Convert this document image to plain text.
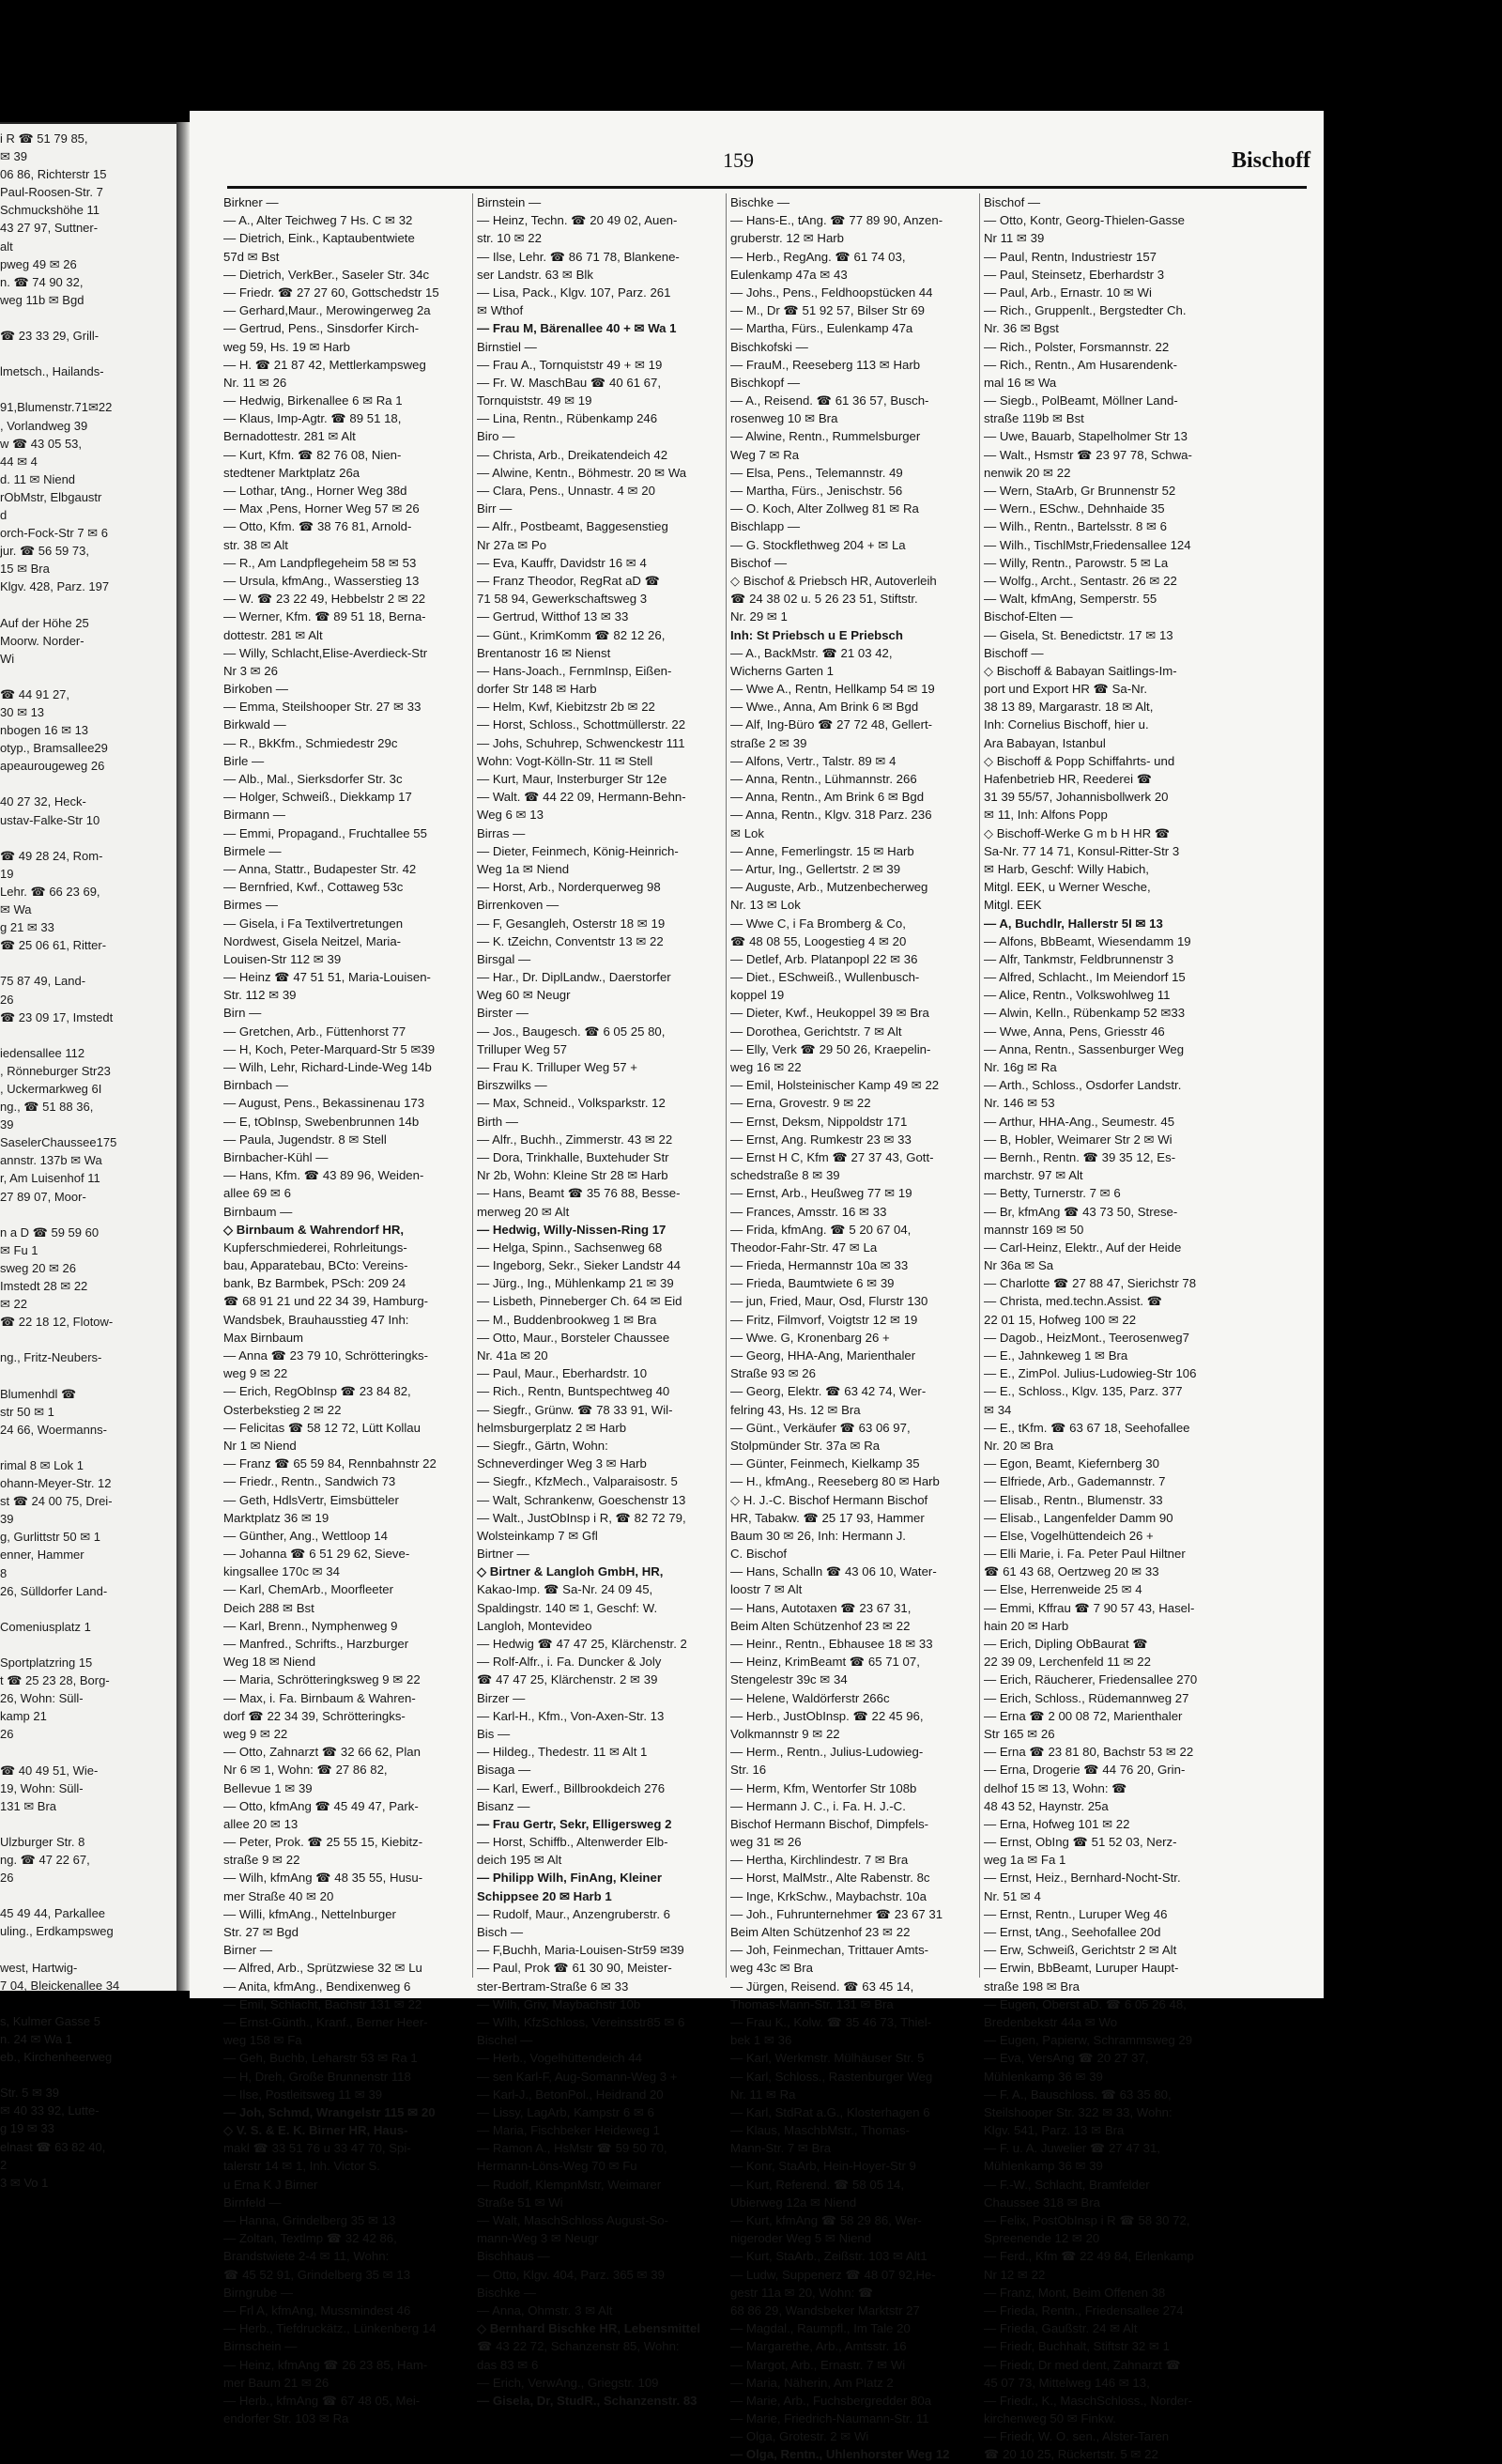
i R ☎ 51 79 85,
✉ 39
06 86, Richterstr 15
Paul-Roosen-Str. 7
Schmuckshöhe 11
43 27 97, Suttner-
alt
pweg 49 ✉ 26
n. ☎ 74 90 32,
weg 11b ✉ Bgd
☎ 23 33 29, Grill-
lmetsch., Hailands-
91,Blumenstr.71✉22
, Vorlandweg 39
w ☎ 43 05 53,
44 ✉ 4
d. 11 ✉ Niend
rObMstr, Elbgaustr
d
orch-Fock-Str 7 ✉ 6
jur. ☎ 56 59 73,
15 ✉ Bra
Klgv. 428, Parz. 197
Auf der Höhe 25
Moorw. Norder-
Wi
☎ 44 91 27,
30 ✉ 13
nbogen 16 ✉ 13
otyp., Bramsallee29
apeaurougeweg 26
40 27 32, Heck-
ustav-Falke-Str 10
☎ 49 28 24, Rom-
19
Lehr. ☎ 66 23 69,
✉ Wa
g 21 ✉ 33
☎ 25 06 61, Ritter-
75 87 49, Land-
26
☎ 23 09 17, Imstedt
iedensallee 112
, Rönneburger Str23
, Uckermarkweg 6I
ng., ☎ 51 88 36,
39
SaselerChaussee175
annstr. 137b ✉ Wa
r, Am Luisenhof 11
27 89 07, Moor-
n a D ☎ 59 59 60
✉ Fu 1
sweg 20 ✉ 26
Imstedt 28 ✉ 22
✉ 22
☎ 22 18 12, Flotow-
ng., Fritz-Neubers-
Blumenhdl ☎
str 50 ✉ 1
24 66, Woermanns-
rimal 8 ✉ Lok 1
ohann-Meyer-Str. 12
st ☎ 24 00 75, Drei-
39
g, Gurlittstr 50 ✉ 1
enner, Hammer
8
26, Sülldorfer Land-
Comeniusplatz 1
Sportplatzring 15
t ☎ 25 23 28, Borg-
26, Wohn: Süll-
kamp 21
26
☎ 40 49 51, Wie-
19, Wohn: Süll-
131 ✉ Bra
Ulzburger Str. 8
ng. ☎ 47 22 67,
26
45 49 44, Parkallee
uling., Erdkampsweg
west, Hartwig-
7 04, Bleickenallee 34
s, Kulmer Gasse 5
n. 24 ✉ Wa 1
eb., Kirchenheerweg
Str. 5 ✉ 39
✉ 40 33 92, Lutte-
g 19 ✉ 33
elnast ☎ 63 82 40,
2
3 ✉ Vo 1
159	Bischoff
Birkner —
— A., Alter Teichweg 7 Hs. C ✉ 32
— Dietrich, Eink., Kaptaubentwiete
57d ✉ Bst
— Dietrich, VerkBer., Saseler Str. 34c
— Friedr. ☎ 27 27 60, Gottschedstr 15
— Gerhard,Maur., Merowingerweg 2a
— Gertrud, Pens., Sinsdorfer Kirch-
weg 59, Hs. 19 ✉ Harb
— H. ☎ 21 87 42, Mettlerkampsweg
Nr. 11 ✉ 26
— Hedwig, Birkenallee 6 ✉ Ra 1
— Klaus, Imp-Agtr. ☎ 89 51 18,
Bernadottestr. 281 ✉ Alt
— Kurt, Kfm. ☎ 82 76 08, Nien-
stedtener Marktplatz 26a
— Lothar, tAng., Horner Weg 38d
— Max ,Pens, Horner Weg 57 ✉ 26
— Otto, Kfm. ☎ 38 76 81, Arnold-
str. 38 ✉ Alt
— R., Am Landpflegeheim 58 ✉ 53
— Ursula, kfmAng., Wasserstieg 13
— W. ☎ 23 22 49, Hebbelstr 2 ✉ 22
— Werner, Kfm. ☎ 89 51 18, Berna-
dottestr. 281 ✉ Alt
— Willy, Schlacht,Elise-Averdieck-Str
Nr 3 ✉ 26
Birkoben —
— Emma, Steilshooper Str. 27 ✉ 33
Birkwald —
— R., BkKfm., Schmiedestr 29c
Birle —
— Alb., Mal., Sierksdorfer Str. 3c
— Holger, Schweiß., Diekkamp 17
Birmann —
— Emmi, Propagand., Fruchtallee 55
Birmele —
— Anna, Stattr., Budapester Str. 42
— Bernfried, Kwf., Cottaweg 53c
Birmes —
— Gisela, i Fa Textilvertretungen
Nordwest, Gisela Neitzel, Maria-
Louisen-Str 112 ✉ 39
— Heinz ☎ 47 51 51, Maria-Louisen-
Str. 112 ✉ 39
Birn —
— Gretchen, Arb., Füttenhorst 77
— H, Koch, Peter-Marquard-Str 5 ✉39
— Wilh, Lehr, Richard-Linde-Weg 14b
Birnbach —
— August, Pens., Bekassinenau 173
— E, tObInsp, Swebenbrunnen 14b
— Paula, Jugendstr. 8 ✉ Stell
Birnbacher-Kühl —
— Hans, Kfm. ☎ 43 89 96, Weiden-
allee 69 ✉ 6
Birnbaum —
◇ Birnbaum & Wahrendorf HR,
Kupferschmiederei, Rohrleitungs-
bau, Apparatebau, BCto: Vereins-
bank, Bz Barmbek, PSch: 209 24
☎ 68 91 21 und 22 34 39, Hamburg-
Wandsbek, Brauhausstieg 47 Inh:
Max Birnbaum
— Anna ☎ 23 79 10, Schrötteringks-
weg 9 ✉ 22
— Erich, RegObInsp ☎ 23 84 82,
Osterbekstieg 2 ✉ 22
— Felicitas ☎ 58 12 72, Lütt Kollau
Nr 1 ✉ Niend
— Franz ☎ 65 59 84, Rennbahnstr 22
— Friedr., Rentn., Sandwich 73
— Geth, HdlsVertr, Eimsbütteler
Marktplatz 36 ✉ 19
— Günther, Ang., Wettloop 14
— Johanna ☎ 6 51 29 62, Sieve-
kingsallee 170c ✉ 34
— Karl, ChemArb., Moorfleeter
Deich 288 ✉ Bst
— Karl, Brenn., Nymphenweg 9
— Manfred., Schrifts., Harzburger
Weg 18 ✉ Niend
— Maria, Schrötteringksweg 9 ✉ 22
— Max, i. Fa. Birnbaum & Wahren-
dorf ☎ 22 34 39, Schrötteringks-
weg 9 ✉ 22
— Otto, Zahnarzt ☎ 32 66 62, Plan
Nr 6 ✉ 1, Wohn: ☎ 27 86 82,
Bellevue 1 ✉ 39
— Otto, kfmAng ☎ 45 49 47, Park-
allee 20 ✉ 13
— Peter, Prok. ☎ 25 55 15, Kiebitz-
straße 9 ✉ 22
— Wilh, kfmAng ☎ 48 35 55, Husu-
mer Straße 40 ✉ 20
— Willi, kfmAng., Nettelnburger
Str. 27 ✉ Bgd
Birner —
— Alfred, Arb., Sprützwiese 32 ✉ Lu
— Anita, kfmAng., Bendixenweg 6
— Emil, Schlacht, Bachstr 131 ✉ 22
— Ernst-Günth., Kranf., Berner Heer-
weg 158 ✉ Fa
— Geh, Buchb, Leharstr 53 ✉ Ra 1
— H, Dreh, Große Brunnenstr 118
— Ilse, Postleitsweg 11 ✉ 39
— Joh, Schmd, Wrangelstr 115 ✉ 20
◇ V. S. & E. K. Birner HR, Haus-
makl ☎ 33 51 76 u 33 47 70, Spi-
talerstr 14 ✉ 1, Inh. Victor S.
u Erna K J Birner
Birnfeld —
— Hanna, Grindelberg 35 ✉ 13
— Zoltan, Textlmp ☎ 32 42 86,
Brandstwiete 2-4 ✉ 11, Wohn:
☎ 45 52 91, Grindelberg 35 ✉ 13
Birngrube —
— Frl A, kfmAng, Mussmindest 46
— Herb., Tiefdruckätz., Lünkenberg 14
Birnschein —
— Heinz, kfmAng ☎ 26 23 85, Ham-
mer Baum 21 ✉ 26
— Herb., kfmAng ☎ 67 48 05, Mei-
endorfer Str. 103 ✉ Ra
Birnstein —
— Heinz, Techn. ☎ 20 49 02, Auen-
str. 10 ✉ 22
— Ilse, Lehr. ☎ 86 71 78, Blankene-
ser Landstr. 63 ✉ Blk
— Lisa, Pack., Klgv. 107, Parz. 261
✉ Wthof
— Frau M, Bärenallee 40 + ✉ Wa 1
Birnstiel —
— Frau A., Tornquiststr 49 + ✉ 19
— Fr. W. MaschBau ☎ 40 61 67,
Tornquiststr. 49 ✉ 19
— Lina, Rentn., Rübenkamp 246
Biro —
— Christa, Arb., Dreikatendeich 42
— Alwine, Kentn., Böhmestr. 20 ✉ Wa
— Clara, Pens., Unnastr. 4 ✉ 20
Birr —
— Alfr., Postbeamt, Baggesenstieg
Nr 27a ✉ Po
— Eva, Kauffr, Davidstr 16 ✉ 4
— Franz Theodor, RegRat aD ☎
71 58 94, Gewerkschaftsweg 3
— Gertrud, Witthof 13 ✉ 33
— Günt., KrimKomm ☎ 82 12 26,
Brentanostr 16 ✉ Nienst
— Hans-Joach., FernmInsp, Eißen-
dorfer Str 148 ✉ Harb
— Helm, Kwf, Kiebitzstr 2b ✉ 22
— Horst, Schloss., Schottmüllerstr. 22
— Johs, Schuhrep, Schwenckestr 111
Wohn: Vogt-Kölln-Str. 11 ✉ Stell
— Kurt, Maur, Insterburger Str 12e
— Walt. ☎ 44 22 09, Hermann-Behn-
Weg 6 ✉ 13
Birras —
— Dieter, Feinmech, König-Heinrich-
Weg 1a ✉ Niend
— Horst, Arb., Norderquerweg 98
Birrenkoven —
— F, Gesangleh, Osterstr 18 ✉ 19
— K. tZeichn, Conventstr 13 ✉ 22
Birsgal —
— Har., Dr. DiplLandw., Daerstorfer
Weg 60 ✉ Neugr
Birster —
— Jos., Baugesch. ☎ 6 05 25 80,
Trilluper Weg 57
— Frau K. Trilluper Weg 57 +
Birszwilks —
— Max, Schneid., Volksparkstr. 12
Birth —
— Alfr., Buchh., Zimmerstr. 43 ✉ 22
— Dora, Trinkhalle, Buxtehuder Str
Nr 2b, Wohn: Kleine Str 28 ✉ Harb
— Hans, Beamt ☎ 35 76 88, Besse-
merweg 20 ✉ Alt
— Hedwig, Willy-Nissen-Ring 17
— Helga, Spinn., Sachsenweg 68
— Ingeborg, Sekr., Sieker Landstr 44
— Jürg., Ing., Mühlenkamp 21 ✉ 39
— Lisbeth, Pinneberger Ch. 64 ✉ Eid
— M., Buddenbrookweg 1 ✉ Bra
— Otto, Maur., Borsteler Chaussee
Nr. 41a ✉ 20
— Paul, Maur., Eberhardstr. 10
— Rich., Rentn, Buntspechtweg 40
— Siegfr., Grünw. ☎ 78 33 91, Wil-
helmsburgerplatz 2 ✉ Harb
— Siegfr., Gärtn, Wohn:
Schneverdinger Weg 3 ✉ Harb
— Siegfr., KfzMech., Valparaisostr. 5
— Walt, Schrankenw, Goeschenstr 13
— Walt., JustObInsp i R, ☎ 82 72 79,
Wolsteinkamp 7 ✉ Gfl
Birtner —
◇ Birtner & Langloh GmbH, HR,
Kakao-Imp. ☎ Sa-Nr. 24 09 45,
Spaldingstr. 140 ✉ 1, Geschf: W.
Langloh, Montevideo
— Hedwig ☎ 47 47 25, Klärchenstr. 2
— Rolf-Alfr., i. Fa. Duncker & Joly
☎ 47 47 25, Klärchenstr. 2 ✉ 39
Birzer —
— Karl-H., Kfm., Von-Axen-Str. 13
Bis —
— Hildeg., Thedestr. 11 ✉ Alt 1
Bisaga —
— Karl, Ewerf., Billbrookdeich 276
Bisanz —
— Frau Gertr, Sekr, Elligersweg 2
— Horst, Schiffb., Altenwerder Elb-
deich 195 ✉ Alt
— Philipp Wilh, FinAng, Kleiner
Schippsee 20 ✉ Harb 1
— Rudolf, Maur., Anzengruberstr. 6
Bisch —
— F,Buchh, Maria-Louisen-Str59 ✉39
— Paul, Prok ☎ 61 30 90, Meister-
ster-Bertram-Straße 6 ✉ 33
— Wilh, Griv, Maybachstr 10b
— Wilh, KfzSchloss, Vereinsstr85 ✉ 6
Bischel —
— Herb., Vogelhüttendeich 44
— sen Karl-F, Aug-Somann-Weg 3 +
— Karl-J., BetonPol., Heidrand 20
— Lissy, LagArb, Kampstr 6 ✉ 6
— Maria, Fischbeker Heideweg 1
— Ramon A., HsMstr ☎ 59 50 70,
Hermann-Löns-Weg 70 ✉ Fu
— Rudolf, KlempnMstr, Weimarer
Straße 51 ✉ Wi
— Walt, MaschSchloss August-So-
mann-Weg 3 ✉ Neugr
Bischhaus —
— Otto, Klgv. 404, Parz. 365 ✉ 39
Bischke —
— Anna, Ohmstr. 3 ✉ Alt
◇ Bernhard Bischke HR, Lebensmittel
☎ 43 22 72, Schanzenstr 85, Wohn:
das 83 ✉ 6
— Erich, VerwAng., Griegstr. 109
— Gisela, Dr, StudR., Schanzenstr. 83
Bischke —
— Hans-E., tAng. ☎ 77 89 90, Anzen-
gruberstr. 12 ✉ Harb
— Herb., RegAng. ☎ 61 74 03,
Eulenkamp 47a ✉ 43
— Johs., Pens., Feldhoopstücken 44
— M., Dr ☎ 51 92 57, Bilser Str 69
— Martha, Fürs., Eulenkamp 47a
Bischkofski —
— FrauM., Reeseberg 113 ✉ Harb
Bischkopf —
— A., Reisend. ☎ 61 36 57, Busch-
rosenweg 10 ✉ Bra
— Alwine, Rentn., Rummelsburger
Weg 7 ✉ Ra
— Elsa, Pens., Telemannstr. 49
— Martha, Fürs., Jenischstr. 56
— O. Koch, Alter Zollweg 81 ✉ Ra
Bischlapp —
— G. Stockflethweg 204 + ✉ La
Bischof —
◇ Bischof & Priebsch HR, Autoverleih
☎ 24 38 02 u. 5 26 23 51, Stiftstr.
Nr. 29 ✉ 1
Inh: St Priebsch u E Priebsch
— A., BackMstr. ☎ 21 03 42,
Wicherns Garten 1
— Wwe A., Rentn, Hellkamp 54 ✉ 19
— Wwe., Anna, Am Brink 6 ✉ Bgd
— Alf, Ing-Büro ☎ 27 72 48, Gellert-
straße 2 ✉ 39
— Alfons, Vertr., Talstr. 89 ✉ 4
— Anna, Rentn., Lühmannstr. 266
— Anna, Rentn., Am Brink 6 ✉ Bgd
— Anna, Rentn., Klgv. 318 Parz. 236
✉ Lok
— Anne, Femerlingstr. 15 ✉ Harb
— Artur, Ing., Gellertstr. 2 ✉ 39
— Auguste, Arb., Mutzenbecherweg
Nr. 13 ✉ Lok
— Wwe C, i Fa Bromberg & Co,
☎ 48 08 55, Loogestieg 4 ✉ 20
— Detlef, Arb. Platanpopl 22 ✉ 36
— Diet., ESchweiß., Wullenbusch-
koppel 19
— Dieter, Kwf., Heukoppel 39 ✉ Bra
— Dorothea, Gerichtstr. 7 ✉ Alt
— Elly, Verk ☎ 29 50 26, Kraepelin-
weg 16 ✉ 22
— Emil, Holsteinischer Kamp 49 ✉ 22
— Erna, Grovestr. 9 ✉ 22
— Ernst, Deksm, Nippoldstr 171
— Ernst, Ang. Rumkestr 23 ✉ 33
— Ernst H C, Kfm ☎ 27 37 43, Gott-
schedstraße 8 ✉ 39
— Ernst, Arb., Heußweg 77 ✉ 19
— Frances, Amsstr. 16 ✉ 33
— Frida, kfmAng. ☎ 5 20 67 04,
Theodor-Fahr-Str. 47 ✉ La
— Frieda, Hermannstr 10a ✉ 33
— Frieda, Baumtwiete 6 ✉ 39
— jun, Fried, Maur, Osd, Flurstr 130
— Fritz, Filmvorf, Voigtstr 12 ✉ 19
— Wwe. G, Kronenbarg 26 +
— Georg, HHA-Ang, Marienthaler
Straße 93 ✉ 26
— Georg, Elektr. ☎ 63 42 74, Wer-
felring 43, Hs. 12 ✉ Bra
— Günt., Verkäufer ☎ 63 06 97,
Stolpmünder Str. 37a ✉ Ra
— Günter, Feinmech, Kielkamp 35
— H., kfmAng., Reeseberg 80 ✉ Harb
◇ H. J.-C. Bischof Hermann Bischof
HR, Tabakw. ☎ 25 17 93, Hammer
Baum 30 ✉ 26, Inh: Hermann J.
C. Bischof
— Hans, Schalln ☎ 43 06 10, Water-
loostr 7 ✉ Alt
— Hans, Autotaxen ☎ 23 67 31,
Beim Alten Schützenhof 23 ✉ 22
— Heinr., Rentn., Ebhausee 18 ✉ 33
— Heinz, KrimBeamt ☎ 65 71 07,
Stengelestr 39c ✉ 34
— Helene, Waldörferstr 266c
— Herb., JustObInsp. ☎ 22 45 96,
Volkmannstr 9 ✉ 22
— Herm., Rentn., Julius-Ludowieg-
Str. 16
— Herm, Kfm, Wentorfer Str 108b
— Hermann J. C., i. Fa. H. J.-C.
Bischof Hermann Bischof, Dimpfels-
weg 31 ✉ 26
— Hertha, Kirchlindestr. 7 ✉ Bra
— Horst, MalMstr., Alte Rabenstr. 8c
— Inge, KrkSchw., Maybachstr. 10a
— Joh., Fuhrunternehmer ☎ 23 67 31
Beim Alten Schützenhof 23 ✉ 22
— Joh, Feinmechan, Trittauer Amts-
weg 43c ✉ Bra
— Jürgen, Reisend. ☎ 63 45 14,
Thomas-Mann-Str. 131 ✉ Bra
— Frau K., Kolw. ☎ 35 46 73, Thiel-
bek 1 ✉ 36
— Karl, Werkmstr. Mülhäuser Str. 5
— Karl, Schloss., Rastenburger Weg
Nr. 11 ✉ Ra
— Karl, StdRat a.G., Klosterhagen 6
— Klaus, MaschbMstr., Thomas-
Mann-Str. 7 ✉ Bra
— Konr, StaArb, Hein-Hoyer-Str 9
— Kurt, Referend. ☎ 58 05 14,
Ubierweg 12a ✉ Niend
— Kurt, kfmAng ☎ 58 29 86, Wer-
nigeroder Weg 5 ✉ Niend
— Kurt, StaArb., Zeißstr. 103 ✉ Alt1
— Ludw, Suppenerz ☎ 48 07 92,He-
gestr 11a ✉ 20, Wohn: ☎
68 86 29, Wandsbeker Marktstr 27
— Magdal., Raumpfl., Im Tale 20
— Margarethe, Arb., Amtsstr. 16
— Margot, Arb., Ernastr. 7 ✉ Wi
— Maria, Näherin, Am Platz 2
— Marie, Arb., Fuchsbergredder 80a
— Marie, Friedrich-Naumann-Str. 11
— Olga, Grotestr. 2 ✉ Wi
— Olga, Rentn., Uhlenhorster Weg 12
Bischof —
— Otto, Kontr, Georg-Thielen-Gasse
Nr 11 ✉ 39
— Paul, Rentn, Industriestr 157
— Paul, Steinsetz, Eberhardstr 3
— Paul, Arb., Ernastr. 10 ✉ Wi
— Rich., Gruppenlt., Bergstedter Ch.
Nr. 36 ✉ Bgst
— Rich., Polster, Forsmannstr. 22
— Rich., Rentn., Am Husarendenk-
mal 16 ✉ Wa
— Siegb., PolBeamt, Möllner Land-
straße 119b ✉ Bst
— Uwe, Bauarb, Stapelholmer Str 13
— Walt., Hsmstr ☎ 23 97 78, Schwa-
nenwik 20 ✉ 22
— Wern, StaArb, Gr Brunnenstr 52
— Wern., ESchw., Dehnhaide 35
— Wilh., Rentn., Bartelsstr. 8 ✉ 6
— Wilh., TischlMstr,Friedensallee 124
— Willy, Rentn., Parowstr. 5 ✉ La
— Wolfg., Archt., Sentastr. 26 ✉ 22
— Walt, kfmAng, Semperstr. 55
Bischof-Elten —
— Gisela, St. Benedictstr. 17 ✉ 13
Bischoff —
◇ Bischoff & Babayan Saitlings-Im-
port und Export HR ☎ Sa-Nr.
38 13 89, Margarastr. 18 ✉ Alt,
Inh: Cornelius Bischoff, hier u.
Ara Babayan, Istanbul
◇ Bischoff & Popp Schiffahrts- und
Hafenbetrieb HR, Reederei ☎
31 39 55/57, Johannisbollwerk 20
✉ 11, Inh: Alfons Popp
◇ Bischoff-Werke G m b H HR ☎
Sa-Nr. 77 14 71, Konsul-Ritter-Str 3
✉ Harb, Geschf: Willy Habich,
Mitgl. EEK, u Werner Wesche,
Mitgl. EEK
— A, Buchdlr, Hallerstr 5I ✉ 13
— Alfons, BbBeamt, Wiesendamm 19
— Alfr, Tankmstr, Feldbrunnenstr 3
— Alfred, Schlacht., Im Meiendorf 15
— Alice, Rentn., Volkswohlweg 11
— Alwin, Kelln., Rübenkamp 52 ✉33
— Wwe, Anna, Pens, Griesstr 46
— Anna, Rentn., Sassenburger Weg
Nr. 16g ✉ Ra
— Arth., Schloss., Osdorfer Landstr.
Nr. 146 ✉ 53
— Arthur, HHA-Ang., Seumestr. 45
— B, Hobler, Weimarer Str 2 ✉ Wi
— Bernh., Rentn. ☎ 39 35 12, Es-
marchstr. 97 ✉ Alt
— Betty, Turnerstr. 7 ✉ 6
— Br, kfmAng ☎ 43 73 50, Strese-
mannstr 169 ✉ 50
— Carl-Heinz, Elektr., Auf der Heide
Nr 36a ✉ Sa
— Charlotte ☎ 27 88 47, Sierichstr 78
— Christa, med.techn.Assist. ☎
22 01 15, Hofweg 100 ✉ 22
— Dagob., HeizMont., Teerosenweg7
— E., Jahnkeweg 1 ✉ Bra
— E., ZimPol. Julius-Ludowieg-Str 106
— E., Schloss., Klgv. 135, Parz. 377
✉ 34
— E., tKfm. ☎ 63 67 18, Seehofallee
Nr. 20 ✉ Bra
— Egon, Beamt, Kiefernberg 30
— Elfriede, Arb., Gademannstr. 7
— Elisab., Rentn., Blumenstr. 33
— Elisab., Langenfelder Damm 90
— Else, Vogelhüttendeich 26 +
— Elli Marie, i. Fa. Peter Paul Hiltner
☎ 61 43 68, Oertzweg 20 ✉ 33
— Else, Herrenweide 25 ✉ 4
— Emmi, Kffrau ☎ 7 90 57 43, Hasel-
hain 20 ✉ Harb
— Erich, Dipling ObBaurat ☎
22 39 09, Lerchenfeld 11 ✉ 22
— Erich, Räucherer, Friedensallee 270
— Erich, Schloss., Rüdemannweg 27
— Erna ☎ 2 00 08 72, Marienthaler
Str 165 ✉ 26
— Erna ☎ 23 81 80, Bachstr 53 ✉ 22
— Erna, Drogerie ☎ 44 76 20, Grin-
delhof 15 ✉ 13, Wohn: ☎
48 43 52, Haynstr. 25a
— Erna, Hofweg 101 ✉ 22
— Ernst, ObIng ☎ 51 52 03, Nerz-
weg 1a ✉ Fa 1
— Ernst, Heiz., Bernhard-Nocht-Str.
Nr. 51 ✉ 4
— Ernst, Rentn., Luruper Weg 46
— Ernst, tAng., Seehofallee 20d
— Erw, Schweiß, Gerichtstr 2 ✉ Alt
— Erwin, BbBeamt, Luruper Haupt-
straße 198 ✉ Bra
— Eugen, Oberst aD. ☎ 6 05 26 48,
Bredenbekstr 44a ✉ Wo
— Eugen, Papierw, Schrammsweg 29
— Eva, VersAng ☎ 20 27 37,
Mühlenkamp 36 ✉ 39
— F. A., Bauschloss. ☎ 63 35 80,
Steilshooper Str. 322 ✉ 33, Wohn:
Klgv. 541, Parz. 13 ✉ Bra
— F. u. A. Juwelier ☎ 27 47 31,
Mühlenkamp 36 ✉ 39
— F.-W., Schlacht, Bramfelder
Chaussee 318 ✉ Bra
— Felix, PostObInsp i R ☎ 58 30 72,
Spreenende 12 ✉ 20
— Ferd., Kfm ☎ 22 49 84, Erlenkamp
Nr 12 ✉ 22
— Franz, Mont, Beim Offenen 38
— Frieda, Rentn., Friedensallee 274
— Frieda, Gaußstr. 24 ✉ Alt
— Friedr, Buchhalt, Stiftstr 32 ✉ 1
— Friedr, Dr med dent, Zahnarzt ☎
45 07 73, Mittelweg 146 ✉ 13,
— Friedr., K., MaschSchloss., Norder-
kirchenweg 50 ✉ Finkw.
— Friedr, W. O. sen., Alster-Taren
☎ 20 10 25, Rückertstr. 5 ✉ 22
